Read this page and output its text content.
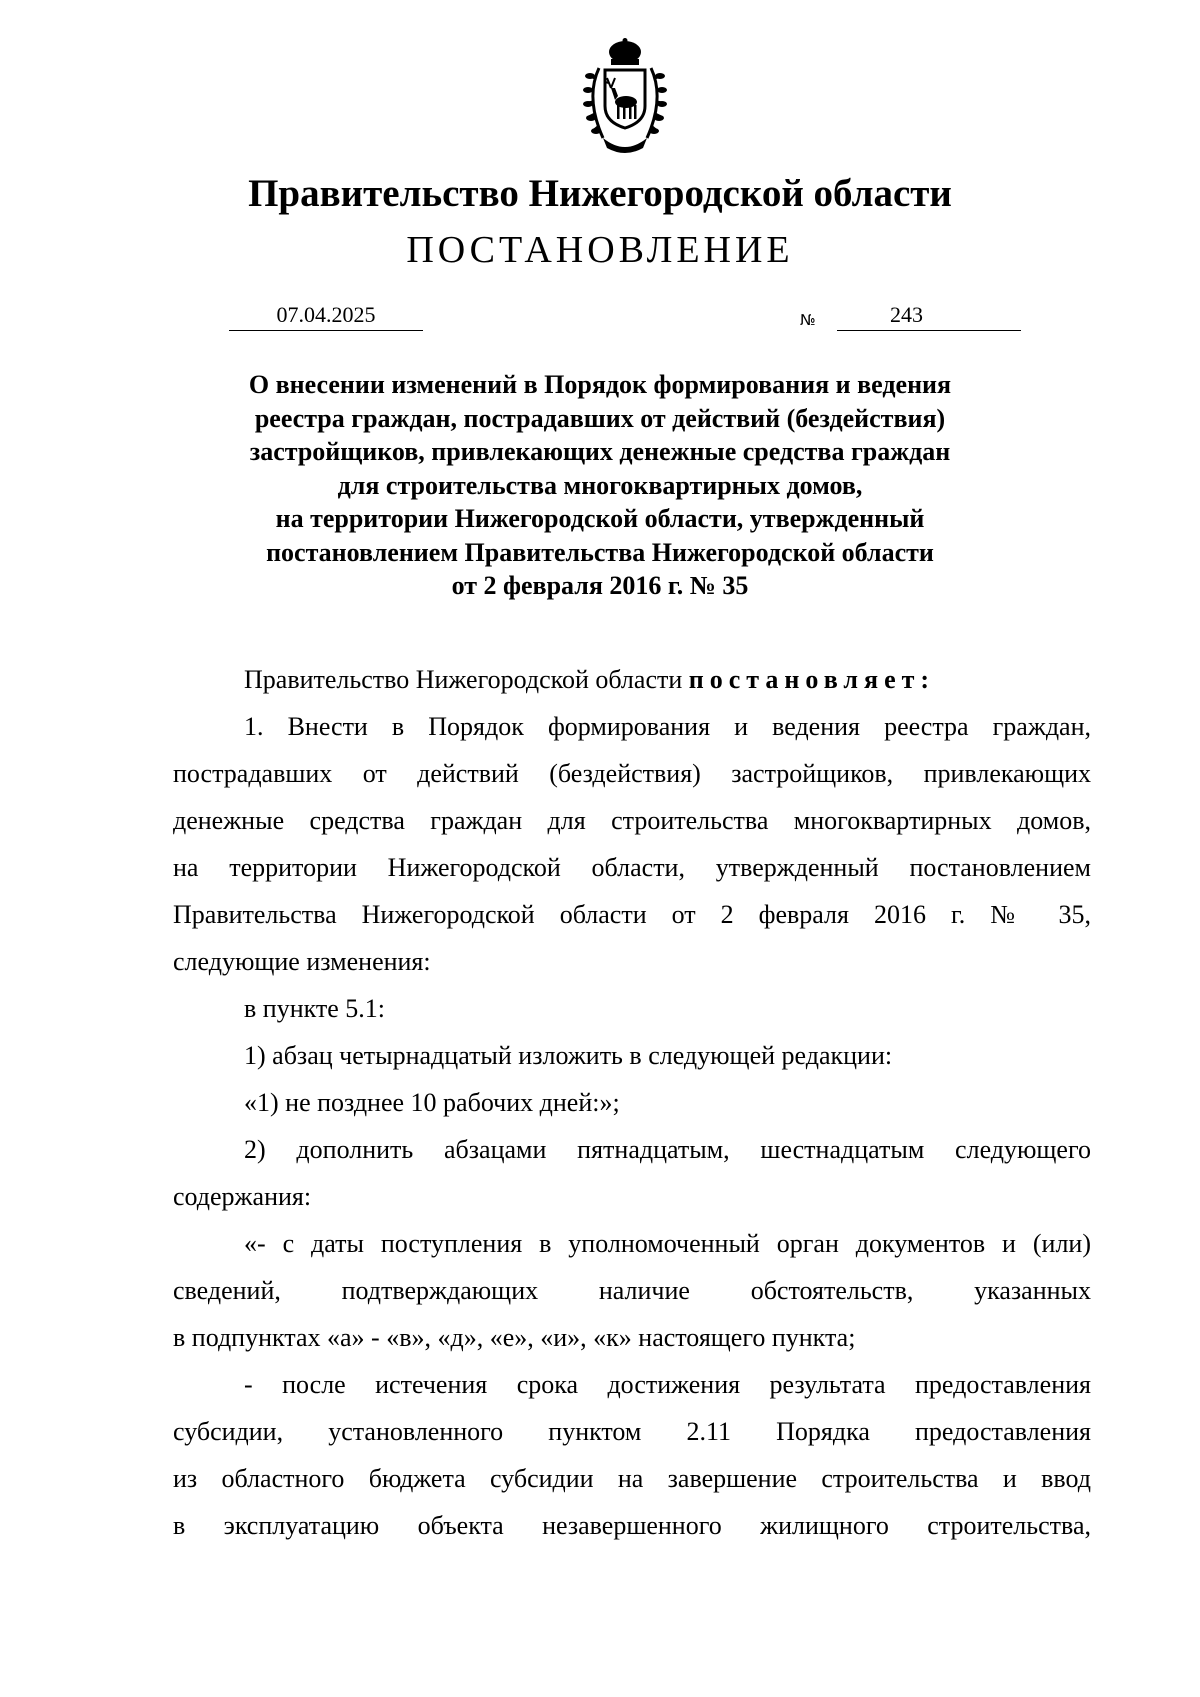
Правительство Нижегородской области
ПОСТАНОВЛЕНИЕ
07.04.2025	№	243
О внесении изменений в Порядок формирования и ведения
реестра граждан, пострадавших от действий (бездействия)
застройщиков, привлекающих денежные средства граждан
для строительства многоквартирных домов,
на территории Нижегородской области, утвержденный
постановлением Правительства Нижегородской области
от 2 февраля 2016 г. № 35
Правительство Нижегородской области постановляет:
1. Внести в Порядок формирования и ведения реестра граждан,
пострадавших от действий (бездействия) застройщиков, привлекающих
денежные средства граждан для строительства многоквартирных домов,
на территории Нижегородской области, утвержденный постановлением
Правительства Нижегородской области от 2 февраля 2016 г. № 35,
следующие изменения:
в пункте 5.1:
1) абзац четырнадцатый изложить в следующей редакции:
«1) не позднее 10 рабочих дней:»;
2) дополнить абзацами пятнадцатым, шестнадцатым следующего
содержания:
«- с даты поступления в уполномоченный орган документов и (или)
сведений, подтверждающих наличие обстоятельств, указанных
в подпунктах «а» - «в», «д», «е», «и», «к» настоящего пункта;
- после истечения срока достижения результата предоставления
субсидии, установленного пунктом 2.11 Порядка предоставления
из областного бюджета субсидии на завершение строительства и ввод
в эксплуатацию объекта незавершенного жилищного строительства,
